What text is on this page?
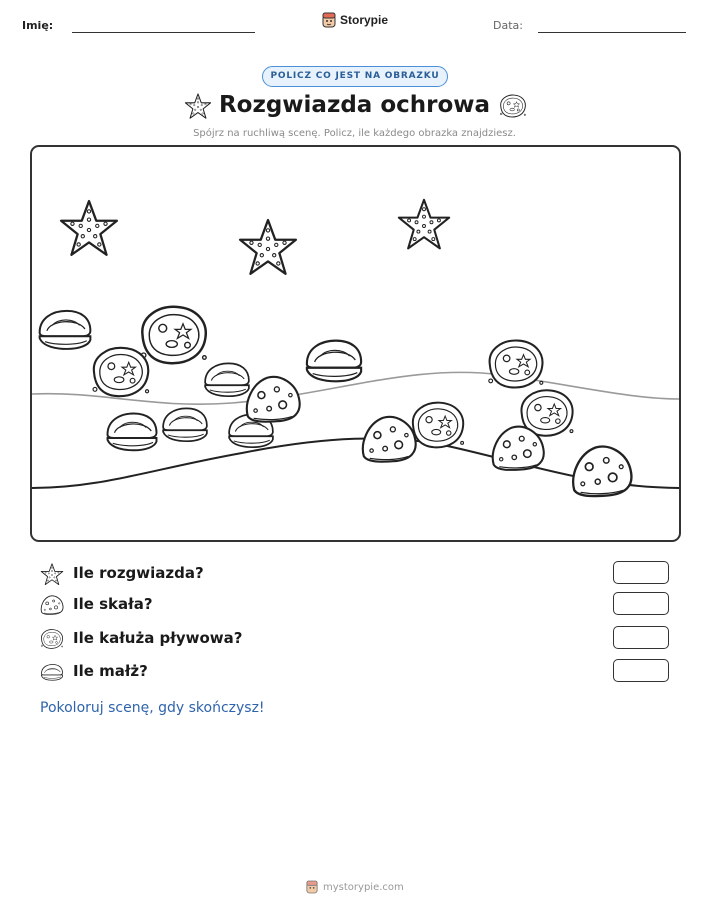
Imię:	Storypie	Data:
POLICZ CO JEST NA OBRAZKU
Rozgwiazda ochrowa
Spójrz na ruchliwą scenę. Policz, ile każdego obrazka znajdziesz.
Ile rozgwiazda?
Ile skała?
Ile kałuża pływowa?
Ile małż?
Pokoloruj scenę, gdy skończysz!
mystorypie.com
